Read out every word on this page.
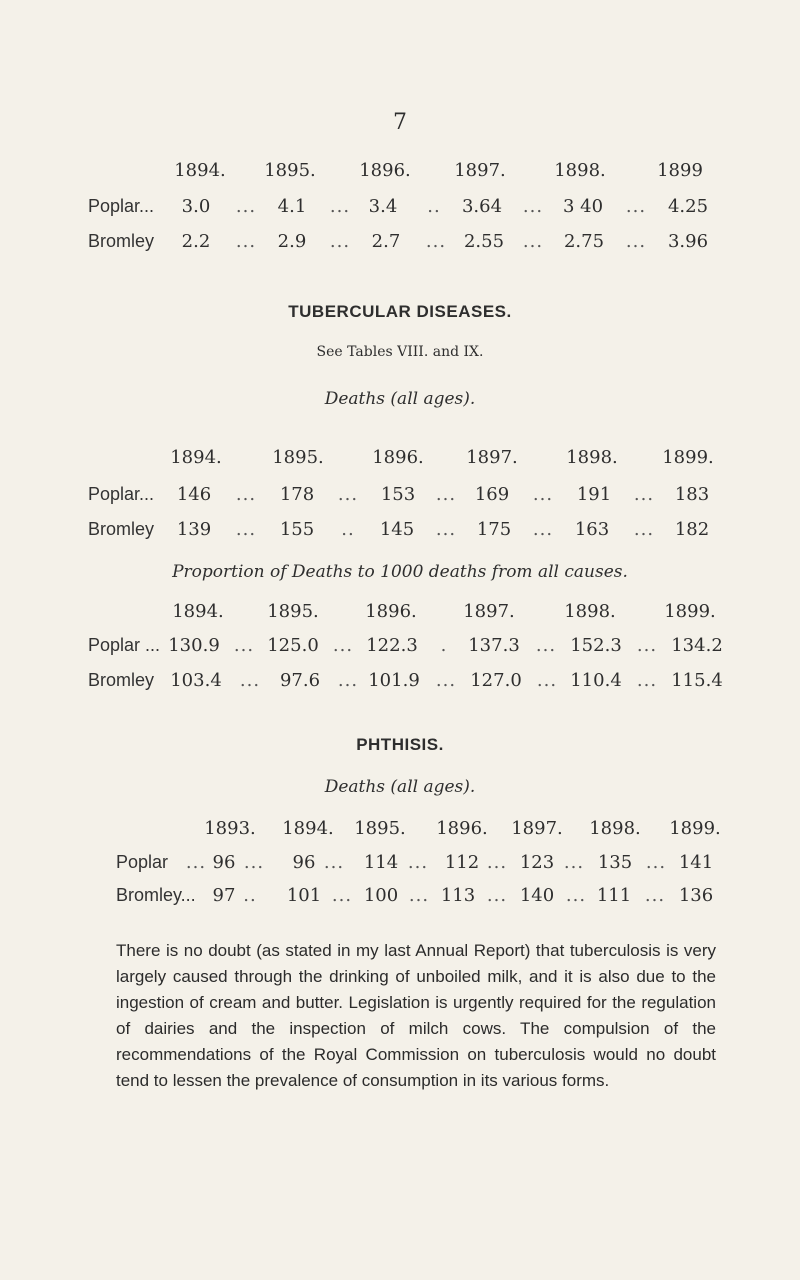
7
1894. 1895. 1896. 1897.	1898.	1899
Poplar... 3.0 ... 4.1 ... 3.4 .. 3.64 ... 3 40 ... 4.25
Bromley 2.2 ... 2.9 ... 2.7 ... 2.55 ... 2.75 ... 3.96
TUBERCULAR DISEASES.
See Tables VIII. and IX.
Deaths (all ages).
1894.	1895.	1896. 1897.	1898. 1899.
Poplar... 146 ... 178 ... 153 ... 169 ... 191 ... 183
Bromley 139 ... 155 .. 145 ... 175 ... 163 ... 182
Proportion of Deaths to 1000 deaths from all causes.
1894. 1895.	1896.	1897.	1898.	1899.
Poplar ... 130.9 ... 125.0 ... 122.3 . 137.3 ... 152.3 ... 134.2
Bromley 103.4 ... 97.6 ... 101.9 ... 127.0 ... 110.4 ... 115.4
PHTHISIS.
Deaths (all ages).
1893. 1894. 1895. 1896. 1897. 1898. 1899.
Poplar ... 96 ... 96 ... 114 ... 112 ... 123 ... 135 ... 141
Bromley... 97 .. 101 ... 100 ... 113 ... 140 ... 111 ... 136
There is no doubt (as stated in my last Annual Report) that tuberculosis is very largely caused through the drinking of unboiled milk, and it is also due to the ingestion of cream and butter. Legislation is urgently required for the regulation of dairies and the inspection of milch cows. The compulsion of the recommendations of the Royal Commission on tuberculosis would no doubt tend to lessen the prevalence of consumption in its various forms.
